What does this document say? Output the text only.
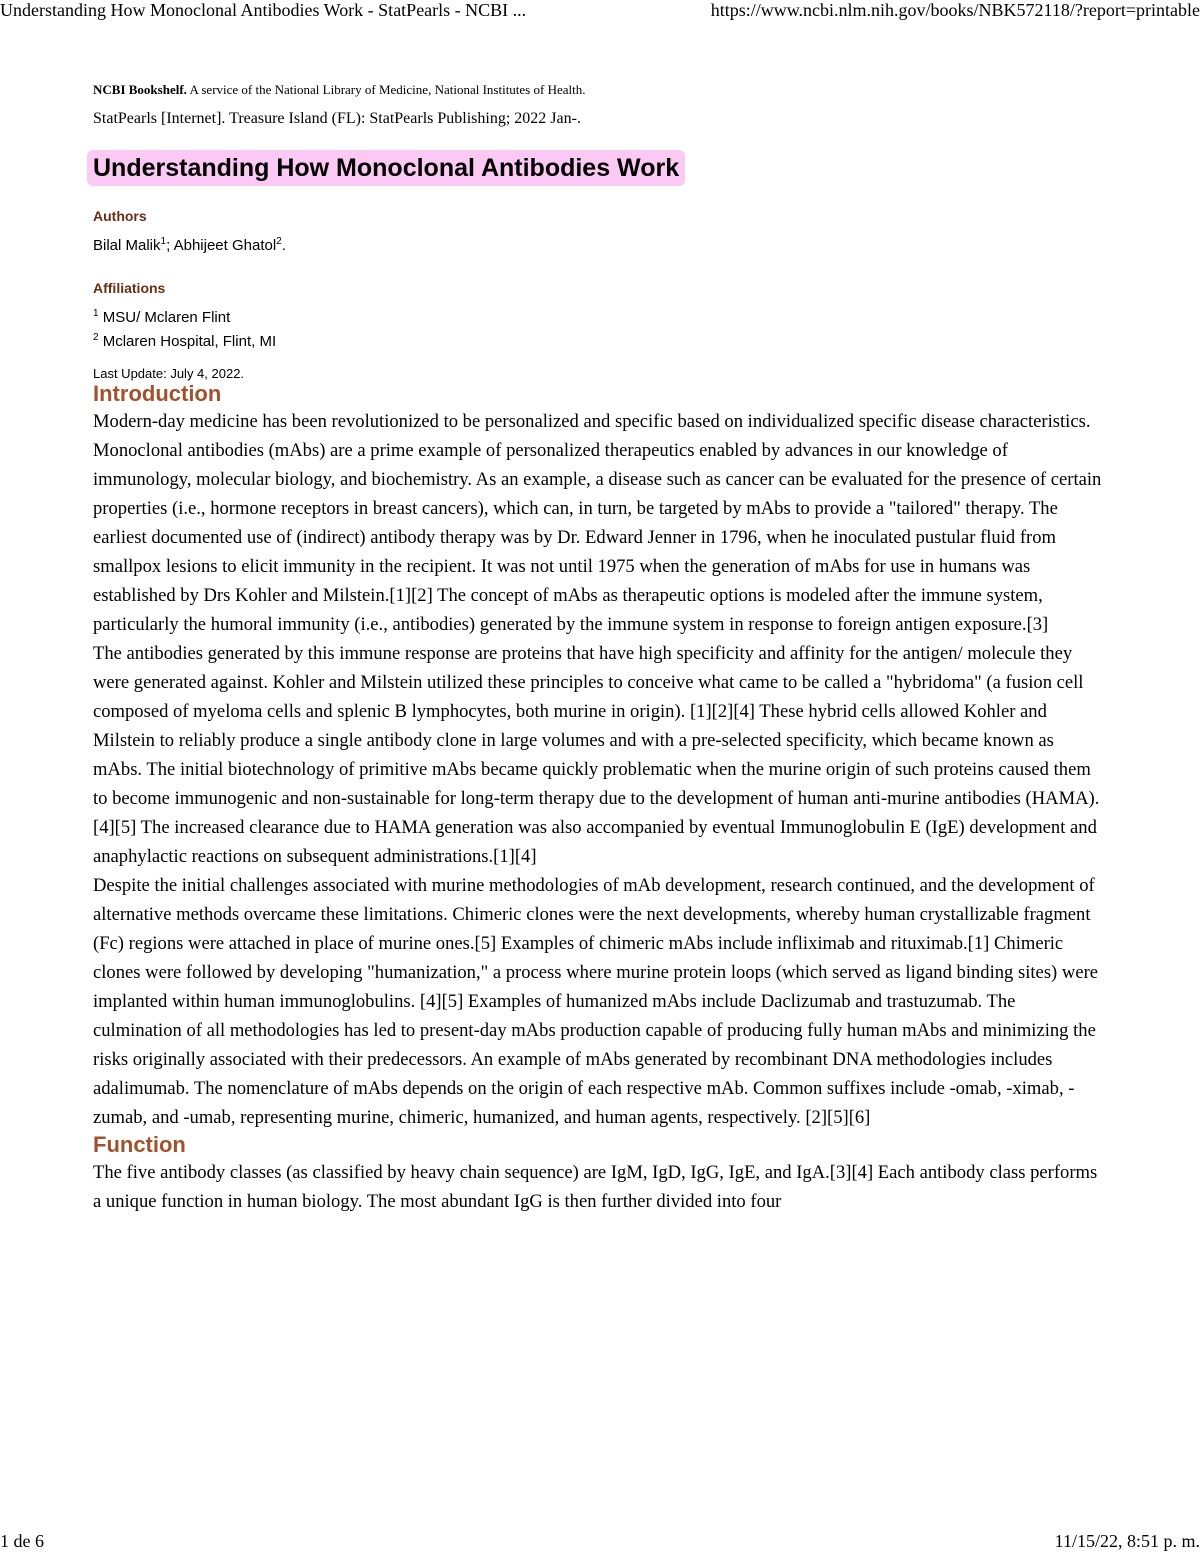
Understanding How Monoclonal Antibodies Work - StatPearls - NCBI ...	https://www.ncbi.nlm.nih.gov/books/NBK572118/?report=printable

NCBI Bookshelf. A service of the National Library of Medicine, National Institutes of Health.

StatPearls [Internet]. Treasure Island (FL): StatPearls Publishing; 2022 Jan-.

Understanding How Monoclonal Antibodies Work

Authors

Bilal Malik$^1$; Abhijeet Ghatol$^2$.

Affiliations

$^1$ MSU/ Mclaren Flint
$^2$ Mclaren Hospital, Flint, MI
Last Update: July 4, 2022.
Introduction

Modern-day medicine has been revolutionized to be personalized and specific based on individualized specific disease characteristics. Monoclonal antibodies (mAbs) are a prime example of personalized therapeutics enabled by advances in our knowledge of immunology, molecular biology, and biochemistry. As an example, a disease such as cancer can be evaluated for the presence of certain properties (i.e., hormone receptors in breast cancers), which can, in turn, be targeted by mAbs to provide a "tailored" therapy. The earliest documented use of (indirect) antibody therapy was by Dr. Edward Jenner in 1796, when he inoculated pustular fluid from smallpox lesions to elicit immunity in the recipient. It was not until 1975 when the generation of mAbs for use in humans was established by Drs Kohler and Milstein.[1][2] The concept of mAbs as therapeutic options is modeled after the immune system, particularly the humoral immunity (i.e., antibodies) generated by the immune system in response to foreign antigen exposure.[3]

The antibodies generated by this immune response are proteins that have high specificity and affinity for the antigen/ molecule they were generated against. Kohler and Milstein utilized these principles to conceive what came to be called a "hybridoma" (a fusion cell composed of myeloma cells and splenic B lymphocytes, both murine in origin). [1][2][4] These hybrid cells allowed Kohler and Milstein to reliably produce a single antibody clone in large volumes and with a pre-selected specificity, which became known as mAbs. The initial biotechnology of primitive mAbs became quickly problematic when the murine origin of such proteins caused them to become immunogenic and non-sustainable for long-term therapy due to the development of human anti-murine antibodies (HAMA).[4][5] The increased clearance due to HAMA generation was also accompanied by eventual Immunoglobulin E (IgE) development and anaphylactic reactions on subsequent administrations.[1][4]

Despite the initial challenges associated with murine methodologies of mAb development, research continued, and the development of alternative methods overcame these limitations. Chimeric clones were the next developments, whereby human crystallizable fragment (Fc) regions were attached in place of murine ones.[5] Examples of chimeric mAbs include infliximab and rituximab.[1] Chimeric clones were followed by developing "humanization," a process where murine protein loops (which served as ligand binding sites) were implanted within human immunoglobulins. [4][5] Examples of humanized mAbs include Daclizumab and trastuzumab. The culmination of all methodologies has led to present-day mAbs production capable of producing fully human mAbs and minimizing the risks originally associated with their predecessors. An example of mAbs generated by recombinant DNA methodologies includes adalimumab. The nomenclature of mAbs depends on the origin of each respective mAb. Common suffixes include -omab, -ximab, -zumab, and -umab, representing murine, chimeric, humanized, and human agents, respectively. [2][5][6]

Function

The five antibody classes (as classified by heavy chain sequence) are IgM, IgD, IgG, IgE, and IgA.[3][4] Each antibody class performs a unique function in human biology. The most abundant IgG is then further divided into four

1 de 6	11/15/22, 8:51 p. m.
